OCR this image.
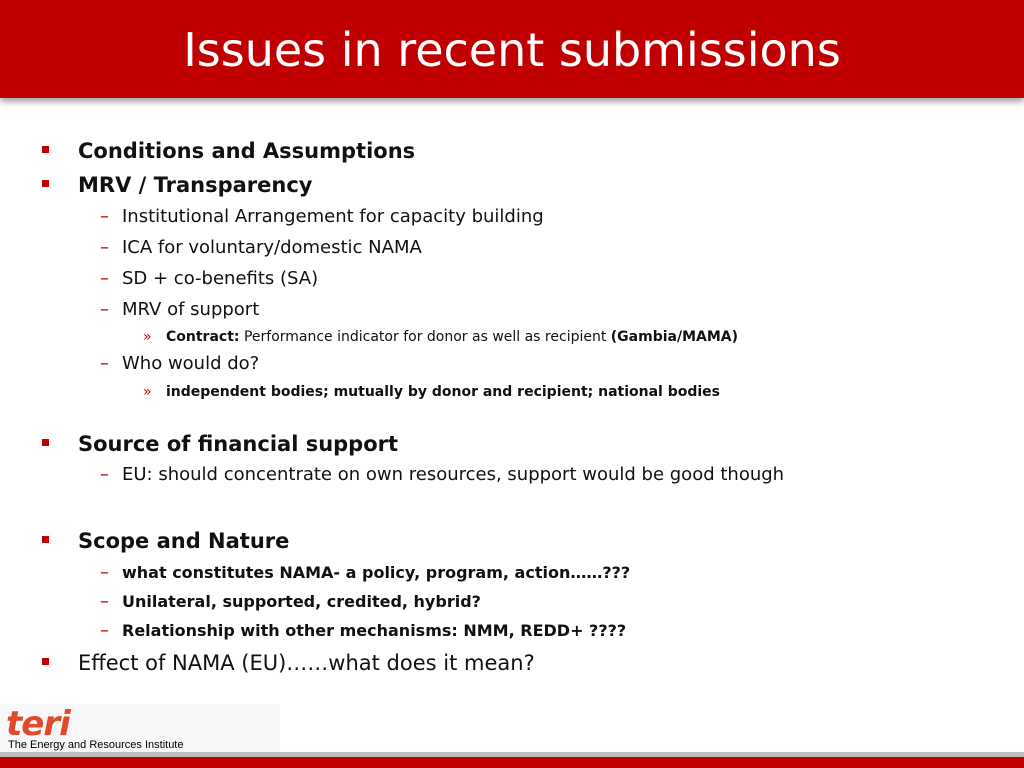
Issues in recent submissions
Conditions and Assumptions
MRV / Transparency
– Institutional Arrangement for capacity building
– ICA for voluntary/domestic NAMA
– SD + co-benefits (SA)
– MRV of support
» Contract: Performance indicator for donor as well as recipient (Gambia/MAMA)
– Who would do?
» independent bodies; mutually by donor and recipient; national bodies
Source of financial support
– EU: should concentrate on own resources, support would be good though
Scope and Nature
– what constitutes NAMA- a policy, program, action……???
– Unilateral, supported, credited, hybrid?
– Relationship with other mechanisms: NMM, REDD+ ????
Effect of NAMA (EU)……what does it mean?
teri
The Energy and Resources Institute
